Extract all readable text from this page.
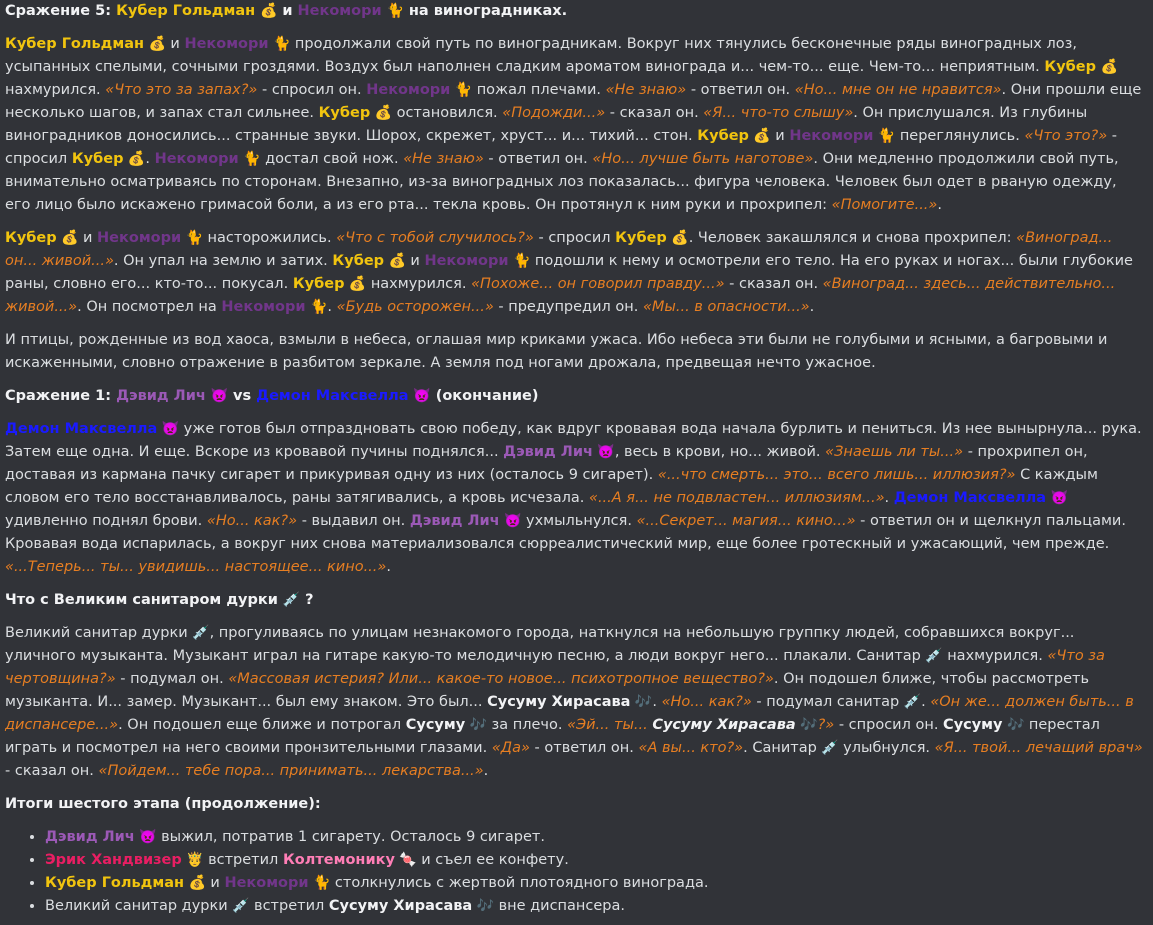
Сражение 5: Кубер Гольдман 💰 и Некомори 🐈 на виноградниках.
Кубер Гольдман 💰 и Некомори 🐈 продолжали свой путь по виноградникам. Вокруг них тянулись бесконечные ряды виноградных лоз, усыпанных спелыми, сочными гроздями. Воздух был наполнен сладким ароматом винограда и... чем-то... еще. Чем-то... неприятным. Кубер 💰 нахмурился. «Что это за запах?» - спросил он. Некомори 🐈 пожал плечами. «Не знаю» - ответил он. «Но... мне он не нравится». Они прошли еще несколько шагов, и запах стал сильнее. Кубер 💰 остановился. «Подожди...» - сказал он. «Я... что-то слышу». Он прислушался. Из глубины виноградников доносились... странные звуки. Шорох, скрежет, хруст... и... тихий... стон. Кубер 💰 и Некомори 🐈 переглянулись. «Что это?» - спросил Кубер 💰. Некомори 🐈 достал свой нож. «Не знаю» - ответил он. «Но... лучше быть наготове». Они медленно продолжили свой путь, внимательно осматриваясь по сторонам. Внезапно, из-за виноградных лоз показалась... фигура человека. Человек был одет в рваную одежду, его лицо было искажено гримасой боли, а из его рта... текла кровь. Он протянул к ним руки и прохрипел: «Помогите...».
Кубер 💰 и Некомори 🐈 насторожились. «Что с тобой случилось?» - спросил Кубер 💰. Человек закашлялся и снова прохрипел: «Виноград... он... живой...». Он упал на землю и затих. Кубер 💰 и Некомори 🐈 подошли к нему и осмотрели его тело. На его руках и ногах... были глубокие раны, словно его... кто-то... покусал. Кубер 💰 нахмурился. «Похоже... он говорил правду...» - сказал он. «Виноград... здесь... действительно... живой...». Он посмотрел на Некомори 🐈. «Будь осторожен...» - предупредил он. «Мы... в опасности...».
И птицы, рожденные из вод хаоса, взмыли в небеса, оглашая мир криками ужаса. Ибо небеса эти были не голубыми и ясными, а багровыми и искаженными, словно отражение в разбитом зеркале. А земля под ногами дрожала, предвещая нечто ужасное.
Сражение 1: Дэвид Лич 👿 vs Демон Максвелла 👿 (окончание)
Демон Максвелла 👿 уже готов был отпраздновать свою победу, как вдруг кровавая вода начала бурлить и пениться. Из нее вынырнула... рука. Затем еще одна. И еще. Вскоре из кровавой пучины поднялся... Дэвид Лич 👿, весь в крови, но... живой. «Знаешь ли ты...» - прохрипел он, доставая из кармана пачку сигарет и прикуривая одну из них (осталось 9 сигарет). «...что смерть... это... всего лишь... иллюзия?» С каждым словом его тело восстанавливалось, раны затягивались, а кровь исчезала. «...А я... не подвластен... иллюзиям...». Демон Максвелла 👿 удивленно поднял брови. «Но... как?» - выдавил он. Дэвид Лич 👿 ухмыльнулся. «...Секрет... магия... кино...» - ответил он и щелкнул пальцами. Кровавая вода испарилась, а вокруг них снова материализовался сюрреалистический мир, еще более гротескный и ужасающий, чем прежде. «...Теперь... ты... увидишь... настоящее... кино...».
Что с Великим санитаром дурки 💉 ?
Великий санитар дурки 💉, прогуливаясь по улицам незнакомого города, наткнулся на небольшую группку людей, собравшихся вокруг... уличного музыканта. Музыкант играл на гитаре какую-то мелодичную песню, а люди вокруг него... плакали. Санитар 💉 нахмурился. «Что за чертовщина?» - подумал он. «Массовая истерия? Или... какое-то новое... психотропное вещество?». Он подошел ближе, чтобы рассмотреть музыканта. И... замер. Музыкант... был ему знаком. Это был... Сусуму Хирасава 🎶. «Но... как?» - подумал санитар 💉. «Он же... должен быть... в диспансере...». Он подошел еще ближе и потрогал Сусуму 🎶 за плечо. «Эй... ты... Сусуму Хирасава 🎶?» - спросил он. Сусуму 🎶 перестал играть и посмотрел на него своими пронзительными глазами. «Да» - ответил он. «А вы... кто?». Санитар 💉 улыбнулся. «Я... твой... лечащий врач» - сказал он. «Пойдем... тебе пора... принимать... лекарства...».
Итоги шестого этапа (продолжение):
• Дэвид Лич 👿 выжил, потратив 1 сигарету. Осталось 9 сигарет.
• Эрик Хандвизер 🤴 встретил Колтемонику 🍬 и съел ее конфету.
• Кубер Гольдман 💰 и Некомори 🐈 столкнулись с жертвой плотоядного винограда.
• Великий санитар дурки 💉 встретил Сусуму Хирасава 🎶 вне диспансера.
